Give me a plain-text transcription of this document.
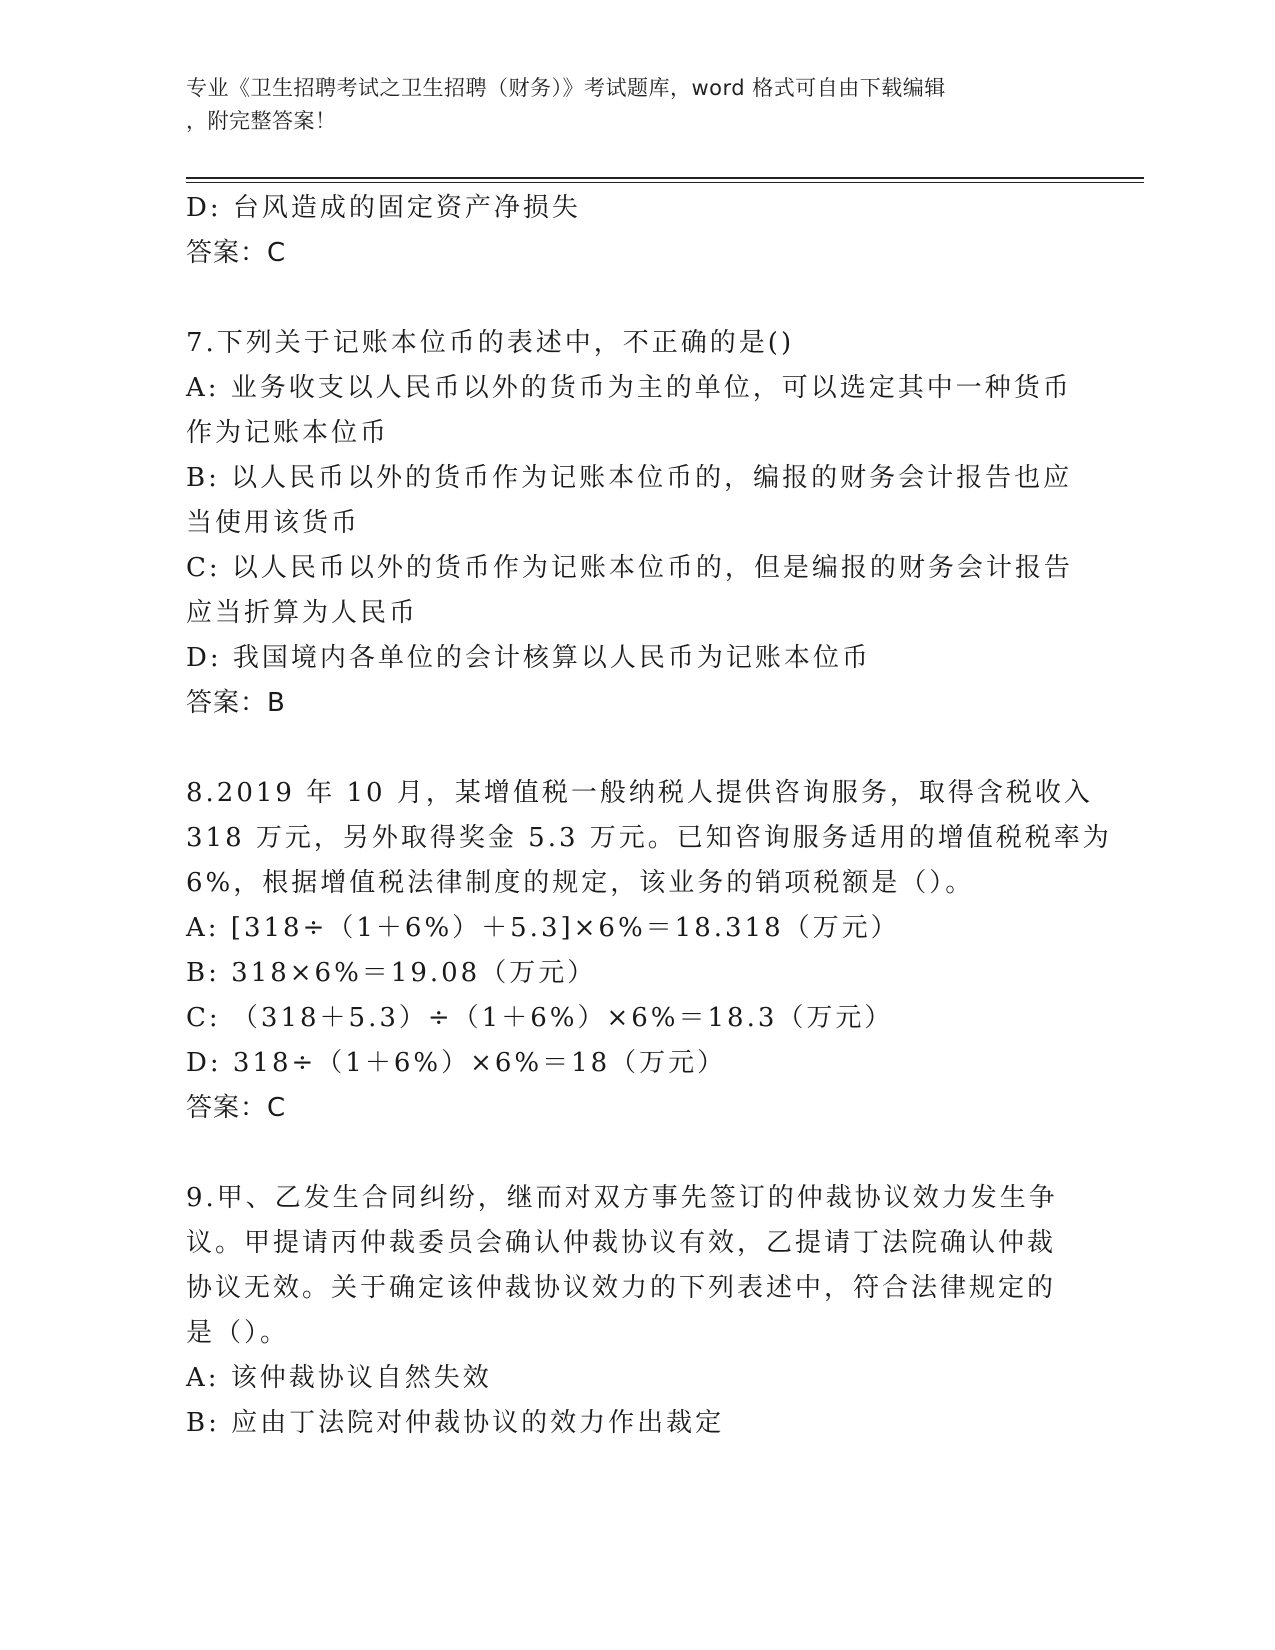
专业《卫生招聘考试之卫生招聘（财务）》考试题库，word 格式可自由下载编辑
，附完整答案！
D: 台风造成的固定资产净损失
答案：C
7.下列关于记账本位币的表述中，不正确的是()
A: 业务收支以人民币以外的货币为主的单位，可以选定其中一种货币
作为记账本位币
B: 以人民币以外的货币作为记账本位币的，编报的财务会计报告也应
当使用该货币
C: 以人民币以外的货币作为记账本位币的，但是编报的财务会计报告
应当折算为人民币
D: 我国境内各单位的会计核算以人民币为记账本位币
答案：B
8.2019 年 10 月，某增值税一般纳税人提供咨询服务，取得含税收入
318 万元，另外取得奖金 5.3 万元。已知咨询服务适用的增值税税率为
6%，根据增值税法律制度的规定，该业务的销项税额是（）。
A: [318÷（1＋6%）＋5.3]×6%＝18.318（万元）
B: 318×6%＝19.08（万元）
C: （318＋5.3）÷（1＋6%）×6%＝18.3（万元）
D: 318÷（1＋6%）×6%＝18（万元）
答案：C
9.甲、乙发生合同纠纷，继而对双方事先签订的仲裁协议效力发生争
议。甲提请丙仲裁委员会确认仲裁协议有效，乙提请丁法院确认仲裁
协议无效。关于确定该仲裁协议效力的下列表述中，符合法律规定的
是（）。
A: 该仲裁协议自然失效
B: 应由丁法院对仲裁协议的效力作出裁定
